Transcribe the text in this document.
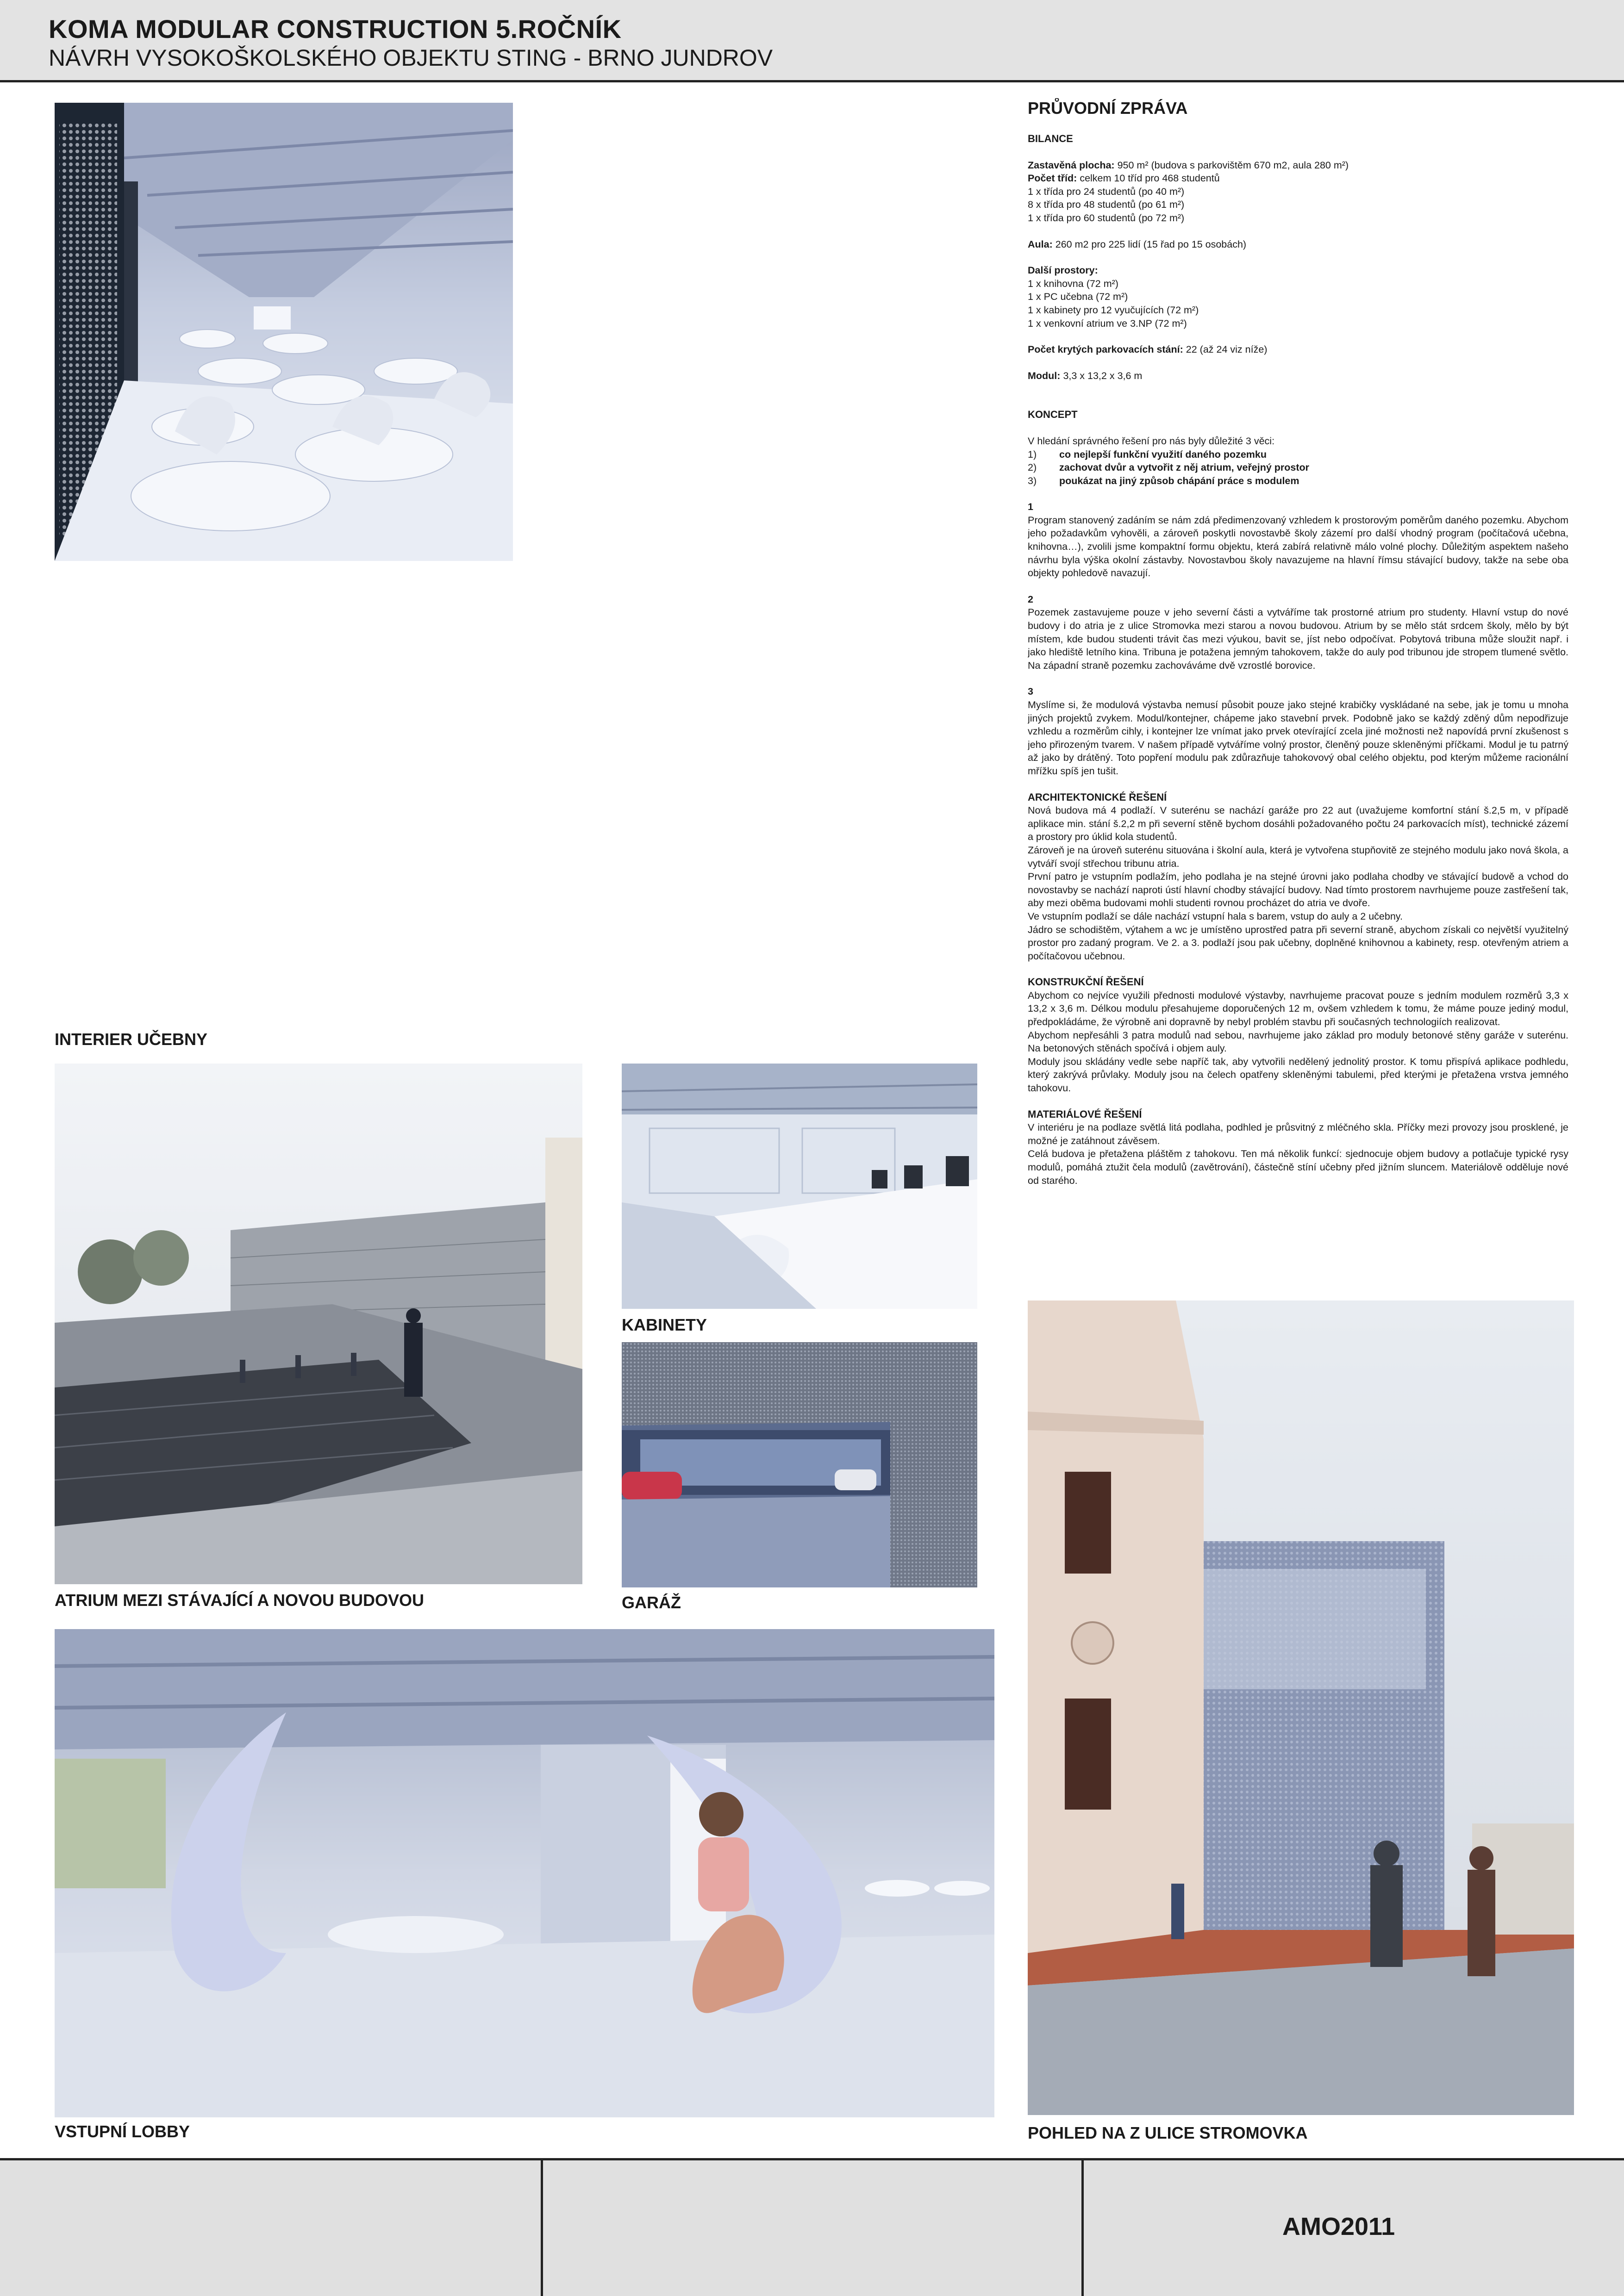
KOMA MODULAR CONSTRUCTION 5.ROČNÍK
NÁVRH VYSOKOŠKOLSKÉHO OBJEKTU STING - BRNO JUNDROV
INTERIER UČEBNY
ATRIUM MEZI STÁVAJÍCÍ A NOVOU BUDOVOU
KABINETY
GARÁŽ
VSTUPNÍ LOBBY	POHLED NA Z ULICE STROMOVKA
PRŮVODNÍ ZPRÁVA
BILANCE

Zastavěná plocha: 950 m² (budova s parkovištěm 670 m2, aula 280 m²)

Počet tříd: celkem 10 tříd pro 468 studentů

1 x třída pro 24 studentů (po 40 m²)

8 x třída pro 48 studentů (po 61 m²)

1 x třída pro 60 studentů (po 72 m²)

Aula: 260 m2 pro 225 lidí (15 řad po 15 osobách)

Další prostory:

1 x knihovna (72 m²)

1 x PC učebna (72 m²)

1 x kabinety pro 12 vyučujících (72 m²)

1 x venkovní atrium ve 3.NP (72 m²)

Počet krytých parkovacích stání: 22 (až 24 viz níže)

Modul: 3,3 x 13,2 x 3,6 m

KONCEPT

V hledání správného řešení pro nás byly důležité 3 věci:

1)	co nejlepší funkční využití daného pozemku
2)	zachovat dvůr a vytvořit z něj atrium, veřejný prostor
3)	poukázat na jiný způsob chápání práce s modulem

1

Program stanovený zadáním se nám zdá předimenzovaný vzhledem k prostorovým poměrům daného pozemku. Abychom jeho požadavkům vyhověli, a zároveň poskytli novostavbě školy zázemí pro další vhodný program (počítačová učebna, knihovna…), zvolili jsme kompaktní formu objektu, která zabírá relativně málo volné plochy. Důležitým aspektem našeho návrhu byla výška okolní zástavby. Novostavbou školy navazujeme na hlavní římsu stávající budovy, takže na sebe oba objekty pohledově navazují.

2

Pozemek zastavujeme pouze v jeho severní části a vytváříme tak prostorné atrium pro studenty. Hlavní vstup do nové budovy i do atria je z ulice Stromovka mezi starou a novou budovou. Atrium by se mělo stát srdcem školy, mělo by být místem, kde budou studenti trávit čas mezi výukou, bavit se, jíst nebo odpočívat. Pobytová tribuna může sloužit např. i jako hlediště letního kina. Tribuna je potažena jemným tahokovem, takže do auly pod tribunou jde stropem tlumené světlo. Na západní straně pozemku zachováváme dvě vzrostlé borovice.

3

Myslíme si, že modulová výstavba nemusí působit pouze jako stejné krabičky vyskládané na sebe, jak je tomu u mnoha jiných projektů zvykem. Modul/kontejner, chápeme jako stavební prvek. Podobně jako se každý zděný dům nepodřizuje vzhledu a rozměrům cihly, i kontejner lze vnímat jako prvek otevírající zcela jiné možnosti než napovídá první zkušenost s jeho přirozeným tvarem. V našem případě vytváříme volný prostor, členěný pouze skleněnými příčkami. Modul je tu patrný až jako by drátěný. Toto popření modulu pak zdůrazňuje tahokovový obal celého objektu, pod kterým můžeme racionální mřížku spíš jen tušit.

ARCHITEKTONICKÉ ŘEŠENÍ

Nová budova má 4 podlaží. V suterénu se nachází garáže pro 22 aut (uvažujeme komfortní stání š.2,5 m, v případě aplikace min. stání š.2,2 m při severní stěně bychom dosáhli požadovaného počtu 24 parkovacích míst), technické zázemí a prostory pro úklid kola studentů.

Zároveň je na úroveň suterénu situována i školní aula, která je vytvořena stupňovitě ze stejného modulu jako nová škola, a vytváří svojí střechou tribunu atria.

První patro je vstupním podlažím, jeho podlaha je na stejné úrovni jako podlaha chodby ve stávající budově a vchod do novostavby se nachází naproti ústí hlavní chodby stávající budovy. Nad tímto prostorem navrhujeme pouze zastřešení tak, aby mezi oběma budovami mohli studenti rovnou procházet do atria ve dvoře.

Ve vstupním podlaží se dále nachází vstupní hala s barem, vstup do auly a 2 učebny.

Jádro se schodištěm, výtahem a wc je umístěno uprostřed patra při severní straně, abychom získali co největší využitelný prostor pro zadaný program. Ve 2. a 3. podlaží jsou pak učebny, doplněné knihovnou a kabinety, resp. otevřeným atriem a počítačovou učebnou.

KONSTRUKČNÍ ŘEŠENÍ

Abychom co nejvíce využili přednosti modulové výstavby, navrhujeme pracovat pouze s jedním modulem rozměrů 3,3 x 13,2 x 3,6 m. Délkou modulu přesahujeme doporučených 12 m, ovšem vzhledem k tomu, že máme pouze jediný modul, předpokládáme, že výrobně ani dopravně by nebyl problém stavbu při současných technologiích realizovat.

Abychom nepřesáhli 3 patra modulů nad sebou, navrhujeme jako základ pro moduly betonové stěny garáže v suterénu. Na betonových stěnách spočívá i objem auly.

Moduly jsou skládány vedle sebe napříč tak, aby vytvořili nedělený jednolitý prostor. K tomu přispívá aplikace podhledu, který zakrývá průvlaky. Moduly jsou na čelech opatřeny skleněnými tabulemi, před kterými je přetažena vrstva jemného tahokovu.

MATERIÁLOVÉ ŘEŠENÍ

V interiéru je na podlaze světlá litá podlaha, podhled je průsvitný z mléčného skla. Příčky mezi provozy jsou prosklené, je možné je zatáhnout závěsem.

Celá budova je přetažena pláštěm z tahokovu. Ten má několik funkcí: sjednocuje objem budovy a potlačuje typické rysy modulů, pomáhá ztužit čela modulů (zavětrování), částečně stíní učebny před jižním sluncem. Materiálově odděluje nové od starého.

AMO2011
